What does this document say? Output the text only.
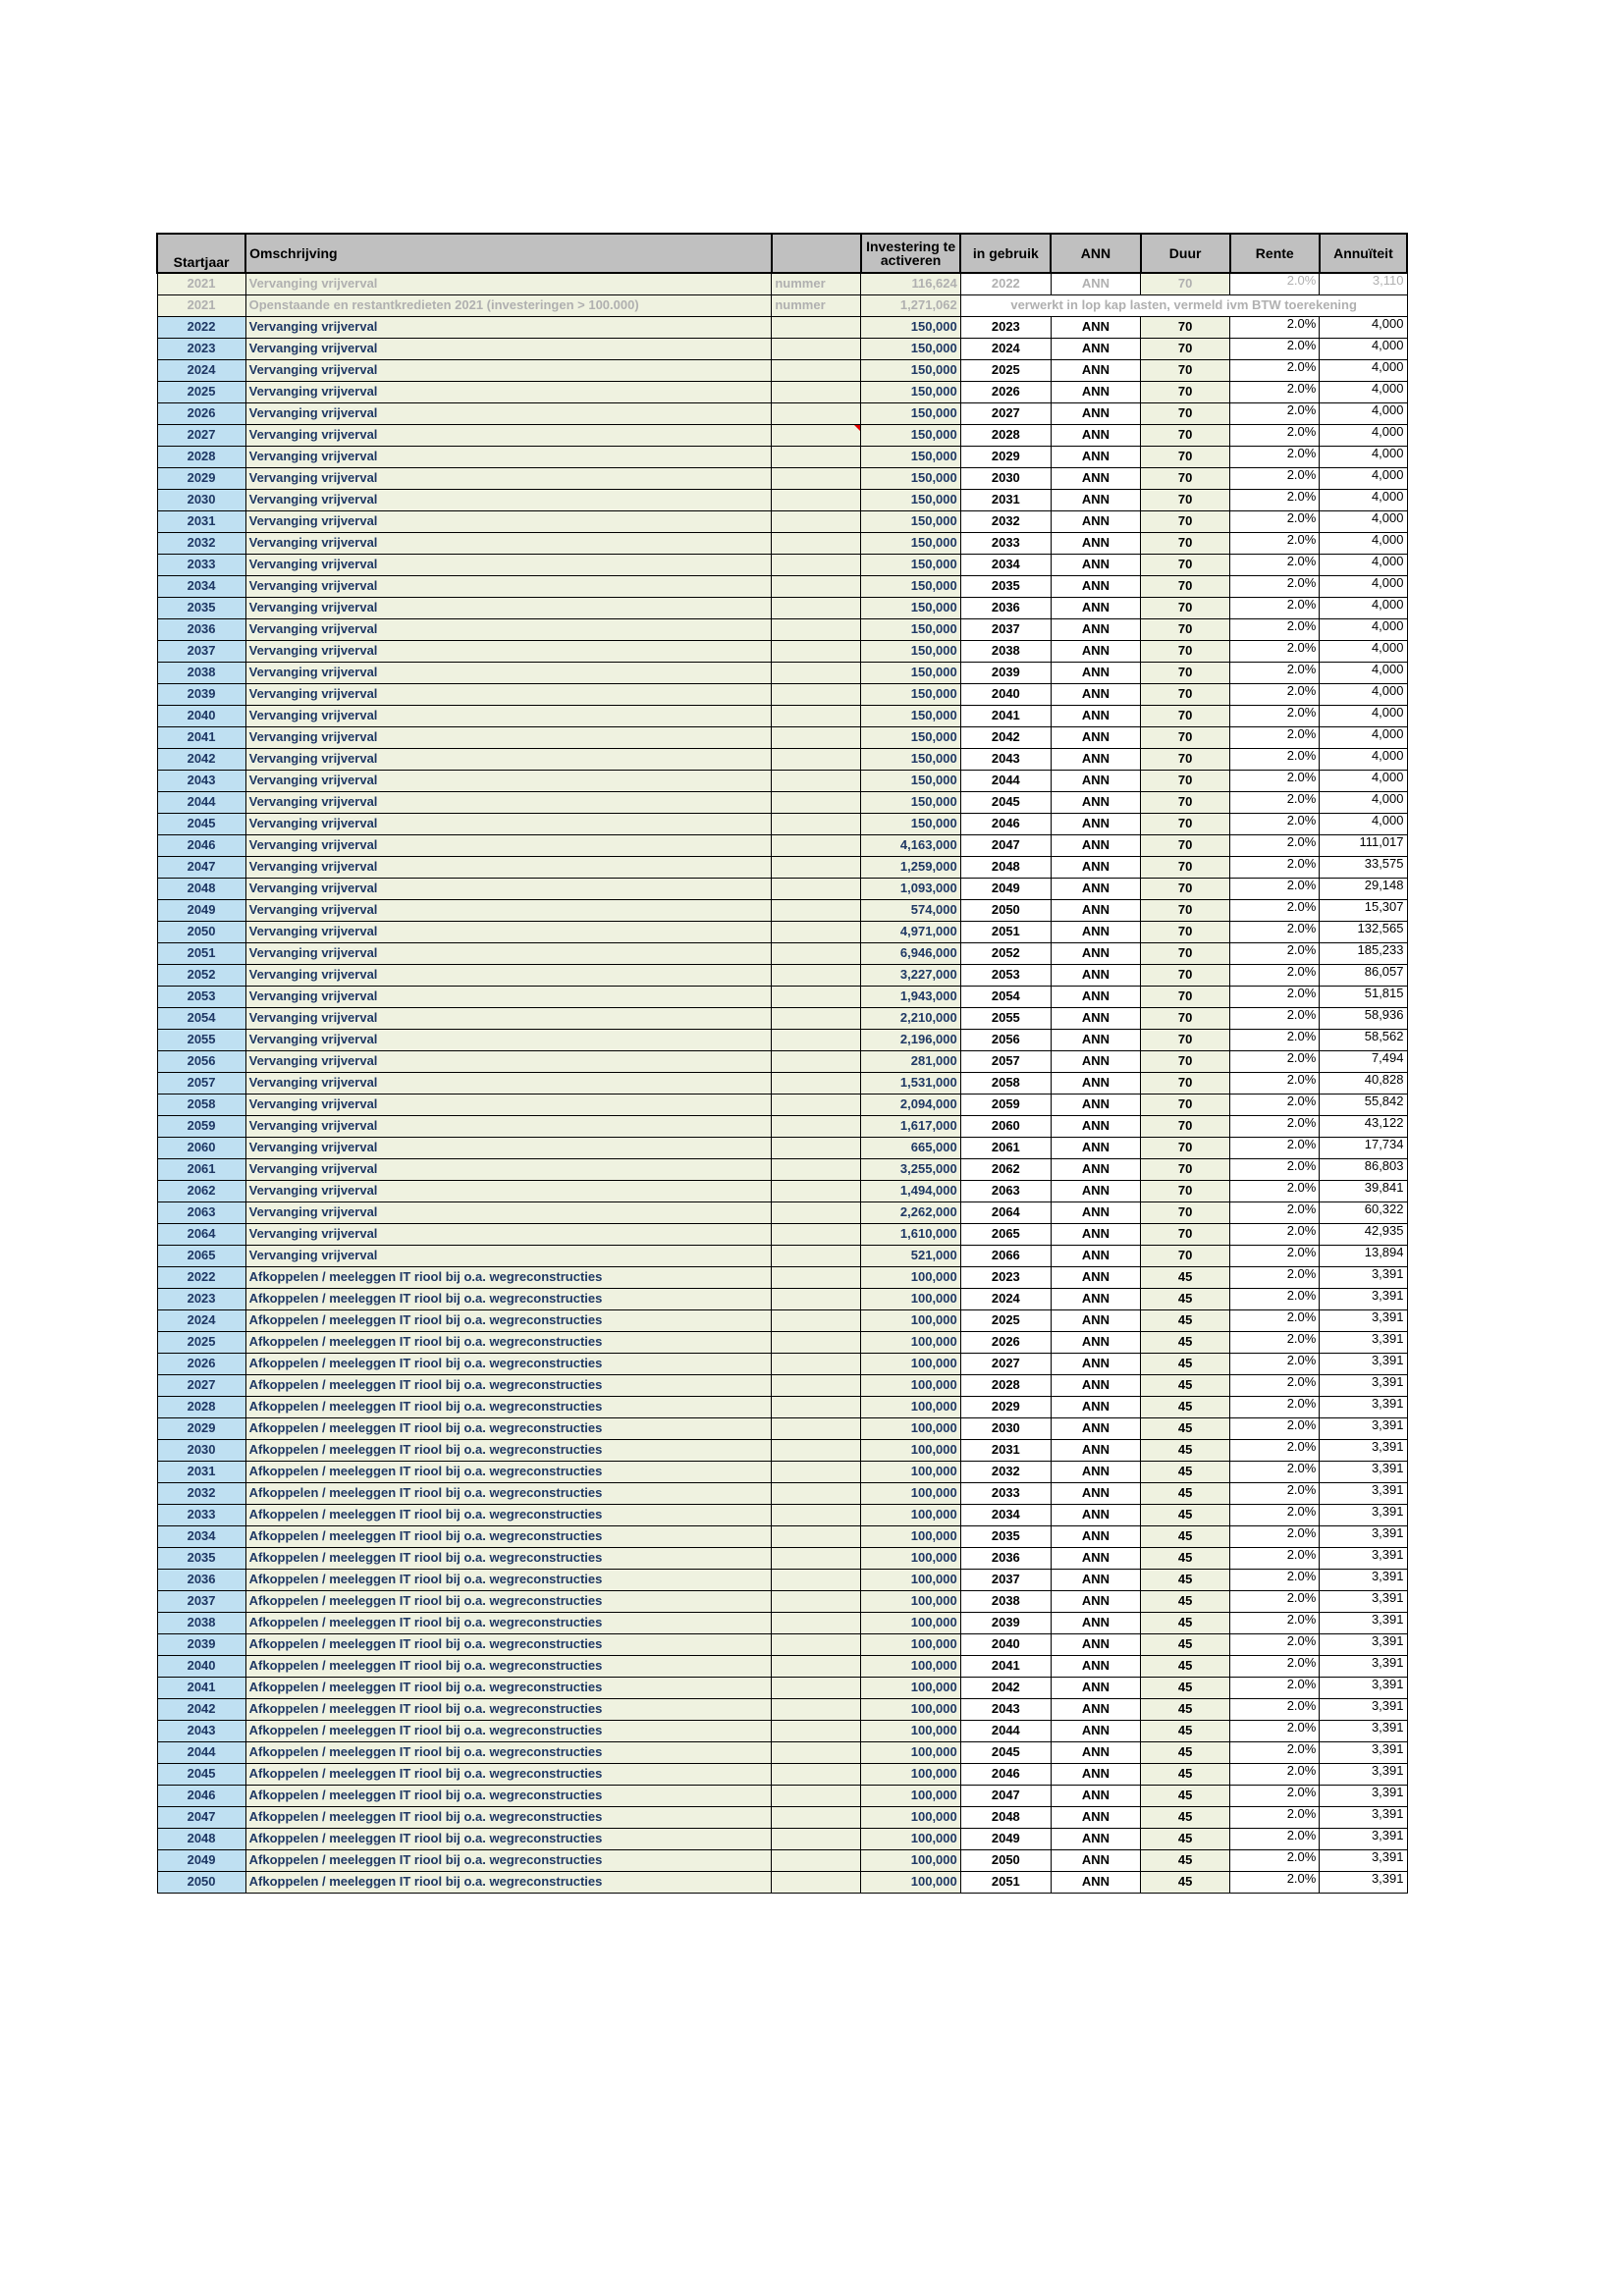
Startjaar	Omschrijving		Investering te activeren	in gebruik	ANN	Duur	Rente	Annuïteit
2021	Vervanging vrijverval	nummer	116,624	2022	ANN	70	2.0%	3,110
2021	Openstaande en restantkredieten 2021 (investeringen > 100.000)	nummer	1,271,062	verwerkt in lop kap lasten, vermeld ivm BTW toerekening				
2022	Vervanging vrijverval		150,000	2023	ANN	70	2.0%	4,000
2023	Vervanging vrijverval		150,000	2024	ANN	70	2.0%	4,000
2024	Vervanging vrijverval		150,000	2025	ANN	70	2.0%	4,000
2025	Vervanging vrijverval		150,000	2026	ANN	70	2.0%	4,000
2026	Vervanging vrijverval		150,000	2027	ANN	70	2.0%	4,000
2027	Vervanging vrijverval		150,000	2028	ANN	70	2.0%	4,000
2028	Vervanging vrijverval		150,000	2029	ANN	70	2.0%	4,000
2029	Vervanging vrijverval		150,000	2030	ANN	70	2.0%	4,000
2030	Vervanging vrijverval		150,000	2031	ANN	70	2.0%	4,000
2031	Vervanging vrijverval		150,000	2032	ANN	70	2.0%	4,000
2032	Vervanging vrijverval		150,000	2033	ANN	70	2.0%	4,000
2033	Vervanging vrijverval		150,000	2034	ANN	70	2.0%	4,000
2034	Vervanging vrijverval		150,000	2035	ANN	70	2.0%	4,000
2035	Vervanging vrijverval		150,000	2036	ANN	70	2.0%	4,000
2036	Vervanging vrijverval		150,000	2037	ANN	70	2.0%	4,000
2037	Vervanging vrijverval		150,000	2038	ANN	70	2.0%	4,000
2038	Vervanging vrijverval		150,000	2039	ANN	70	2.0%	4,000
2039	Vervanging vrijverval		150,000	2040	ANN	70	2.0%	4,000
2040	Vervanging vrijverval		150,000	2041	ANN	70	2.0%	4,000
2041	Vervanging vrijverval		150,000	2042	ANN	70	2.0%	4,000
2042	Vervanging vrijverval		150,000	2043	ANN	70	2.0%	4,000
2043	Vervanging vrijverval		150,000	2044	ANN	70	2.0%	4,000
2044	Vervanging vrijverval		150,000	2045	ANN	70	2.0%	4,000
2045	Vervanging vrijverval		150,000	2046	ANN	70	2.0%	4,000
2046	Vervanging vrijverval		4,163,000	2047	ANN	70	2.0%	111,017
2047	Vervanging vrijverval		1,259,000	2048	ANN	70	2.0%	33,575
2048	Vervanging vrijverval		1,093,000	2049	ANN	70	2.0%	29,148
2049	Vervanging vrijverval		574,000	2050	ANN	70	2.0%	15,307
2050	Vervanging vrijverval		4,971,000	2051	ANN	70	2.0%	132,565
2051	Vervanging vrijverval		6,946,000	2052	ANN	70	2.0%	185,233
2052	Vervanging vrijverval		3,227,000	2053	ANN	70	2.0%	86,057
2053	Vervanging vrijverval		1,943,000	2054	ANN	70	2.0%	51,815
2054	Vervanging vrijverval		2,210,000	2055	ANN	70	2.0%	58,936
2055	Vervanging vrijverval		2,196,000	2056	ANN	70	2.0%	58,562
2056	Vervanging vrijverval		281,000	2057	ANN	70	2.0%	7,494
2057	Vervanging vrijverval		1,531,000	2058	ANN	70	2.0%	40,828
2058	Vervanging vrijverval		2,094,000	2059	ANN	70	2.0%	55,842
2059	Vervanging vrijverval		1,617,000	2060	ANN	70	2.0%	43,122
2060	Vervanging vrijverval		665,000	2061	ANN	70	2.0%	17,734
2061	Vervanging vrijverval		3,255,000	2062	ANN	70	2.0%	86,803
2062	Vervanging vrijverval		1,494,000	2063	ANN	70	2.0%	39,841
2063	Vervanging vrijverval		2,262,000	2064	ANN	70	2.0%	60,322
2064	Vervanging vrijverval		1,610,000	2065	ANN	70	2.0%	42,935
2065	Vervanging vrijverval		521,000	2066	ANN	70	2.0%	13,894
2022	Afkoppelen / meeleggen IT riool bij o.a. wegreconstructies		100,000	2023	ANN	45	2.0%	3,391
2023	Afkoppelen / meeleggen IT riool bij o.a. wegreconstructies		100,000	2024	ANN	45	2.0%	3,391
2024	Afkoppelen / meeleggen IT riool bij o.a. wegreconstructies		100,000	2025	ANN	45	2.0%	3,391
2025	Afkoppelen / meeleggen IT riool bij o.a. wegreconstructies		100,000	2026	ANN	45	2.0%	3,391
2026	Afkoppelen / meeleggen IT riool bij o.a. wegreconstructies		100,000	2027	ANN	45	2.0%	3,391
2027	Afkoppelen / meeleggen IT riool bij o.a. wegreconstructies		100,000	2028	ANN	45	2.0%	3,391
2028	Afkoppelen / meeleggen IT riool bij o.a. wegreconstructies		100,000	2029	ANN	45	2.0%	3,391
2029	Afkoppelen / meeleggen IT riool bij o.a. wegreconstructies		100,000	2030	ANN	45	2.0%	3,391
2030	Afkoppelen / meeleggen IT riool bij o.a. wegreconstructies		100,000	2031	ANN	45	2.0%	3,391
2031	Afkoppelen / meeleggen IT riool bij o.a. wegreconstructies		100,000	2032	ANN	45	2.0%	3,391
2032	Afkoppelen / meeleggen IT riool bij o.a. wegreconstructies		100,000	2033	ANN	45	2.0%	3,391
2033	Afkoppelen / meeleggen IT riool bij o.a. wegreconstructies		100,000	2034	ANN	45	2.0%	3,391
2034	Afkoppelen / meeleggen IT riool bij o.a. wegreconstructies		100,000	2035	ANN	45	2.0%	3,391
2035	Afkoppelen / meeleggen IT riool bij o.a. wegreconstructies		100,000	2036	ANN	45	2.0%	3,391
2036	Afkoppelen / meeleggen IT riool bij o.a. wegreconstructies		100,000	2037	ANN	45	2.0%	3,391
2037	Afkoppelen / meeleggen IT riool bij o.a. wegreconstructies		100,000	2038	ANN	45	2.0%	3,391
2038	Afkoppelen / meeleggen IT riool bij o.a. wegreconstructies		100,000	2039	ANN	45	2.0%	3,391
2039	Afkoppelen / meeleggen IT riool bij o.a. wegreconstructies		100,000	2040	ANN	45	2.0%	3,391
2040	Afkoppelen / meeleggen IT riool bij o.a. wegreconstructies		100,000	2041	ANN	45	2.0%	3,391
2041	Afkoppelen / meeleggen IT riool bij o.a. wegreconstructies		100,000	2042	ANN	45	2.0%	3,391
2042	Afkoppelen / meeleggen IT riool bij o.a. wegreconstructies		100,000	2043	ANN	45	2.0%	3,391
2043	Afkoppelen / meeleggen IT riool bij o.a. wegreconstructies		100,000	2044	ANN	45	2.0%	3,391
2044	Afkoppelen / meeleggen IT riool bij o.a. wegreconstructies		100,000	2045	ANN	45	2.0%	3,391
2045	Afkoppelen / meeleggen IT riool bij o.a. wegreconstructies		100,000	2046	ANN	45	2.0%	3,391
2046	Afkoppelen / meeleggen IT riool bij o.a. wegreconstructies		100,000	2047	ANN	45	2.0%	3,391
2047	Afkoppelen / meeleggen IT riool bij o.a. wegreconstructies		100,000	2048	ANN	45	2.0%	3,391
2048	Afkoppelen / meeleggen IT riool bij o.a. wegreconstructies		100,000	2049	ANN	45	2.0%	3,391
2049	Afkoppelen / meeleggen IT riool bij o.a. wegreconstructies		100,000	2050	ANN	45	2.0%	3,391
2050	Afkoppelen / meeleggen IT riool bij o.a. wegreconstructies		100,000	2051	ANN	45	2.0%	3,391
